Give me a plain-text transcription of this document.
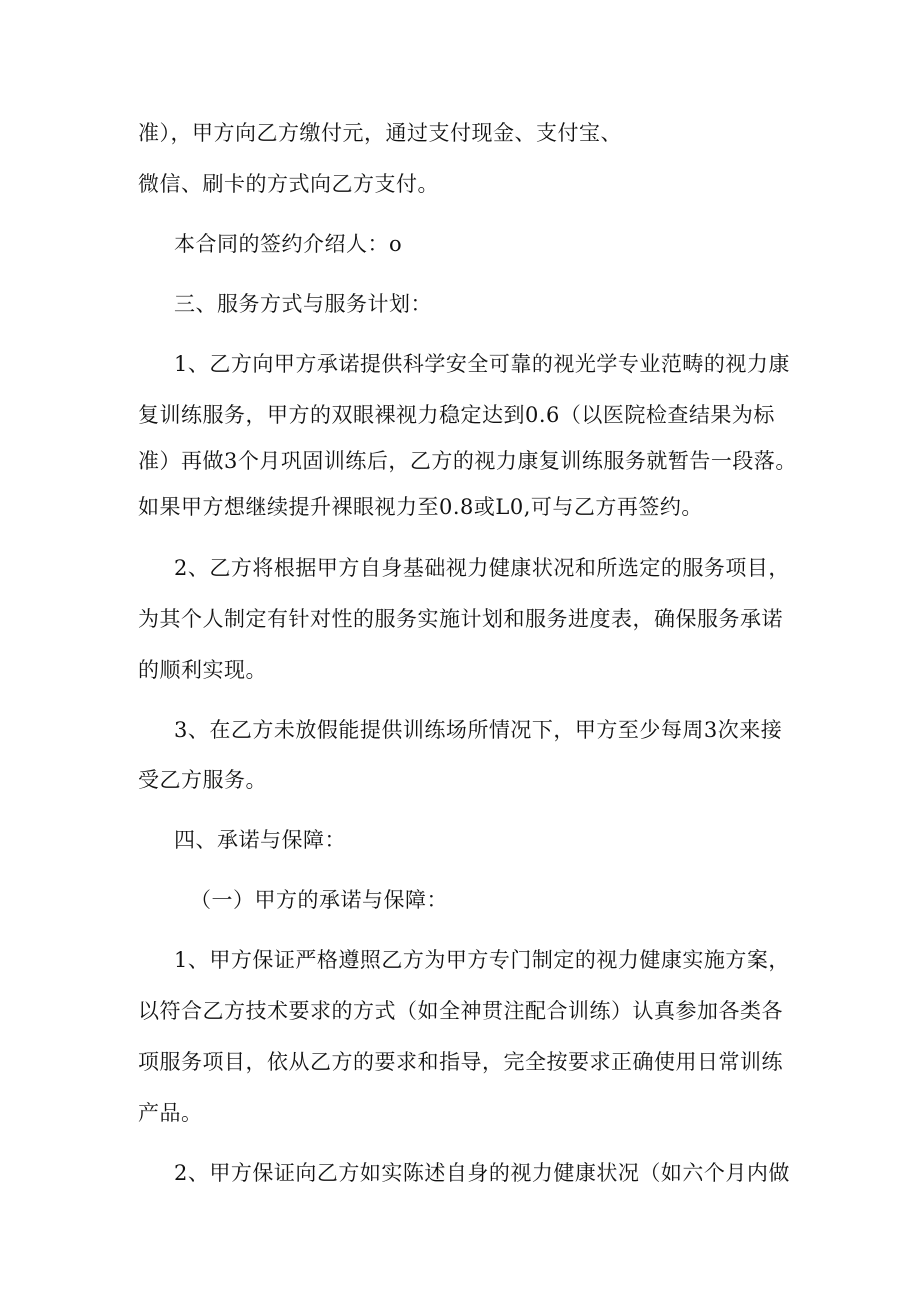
准），甲方向乙方缴付元，通过支付现金、支付宝、
微信、刷卡的方式向乙方支付。
本合同的签约介绍人：o
三、服务方式与服务计划：
1、乙方向甲方承诺提供科学安全可靠的视光学专业范畴的视力康
复训练服务，甲方的双眼裸视力稳定达到0.6（以医院检查结果为标
准）再做3个月巩固训练后，乙方的视力康复训练服务就暂告一段落。
如果甲方想继续提升裸眼视力至0.8或L0,可与乙方再签约。
2、乙方将根据甲方自身基础视力健康状况和所选定的服务项目，
为其个人制定有针对性的服务实施计划和服务进度表，确保服务承诺
的顺利实现。
3、在乙方未放假能提供训练场所情况下，甲方至少每周3次来接
受乙方服务。
四、承诺与保障：
（一）甲方的承诺与保障：
1、甲方保证严格遵照乙方为甲方专门制定的视力健康实施方案，
以符合乙方技术要求的方式（如全神贯注配合训练）认真参加各类各
项服务项目，依从乙方的要求和指导，完全按要求正确使用日常训练
产品。
2、甲方保证向乙方如实陈述自身的视力健康状况（如六个月内做
